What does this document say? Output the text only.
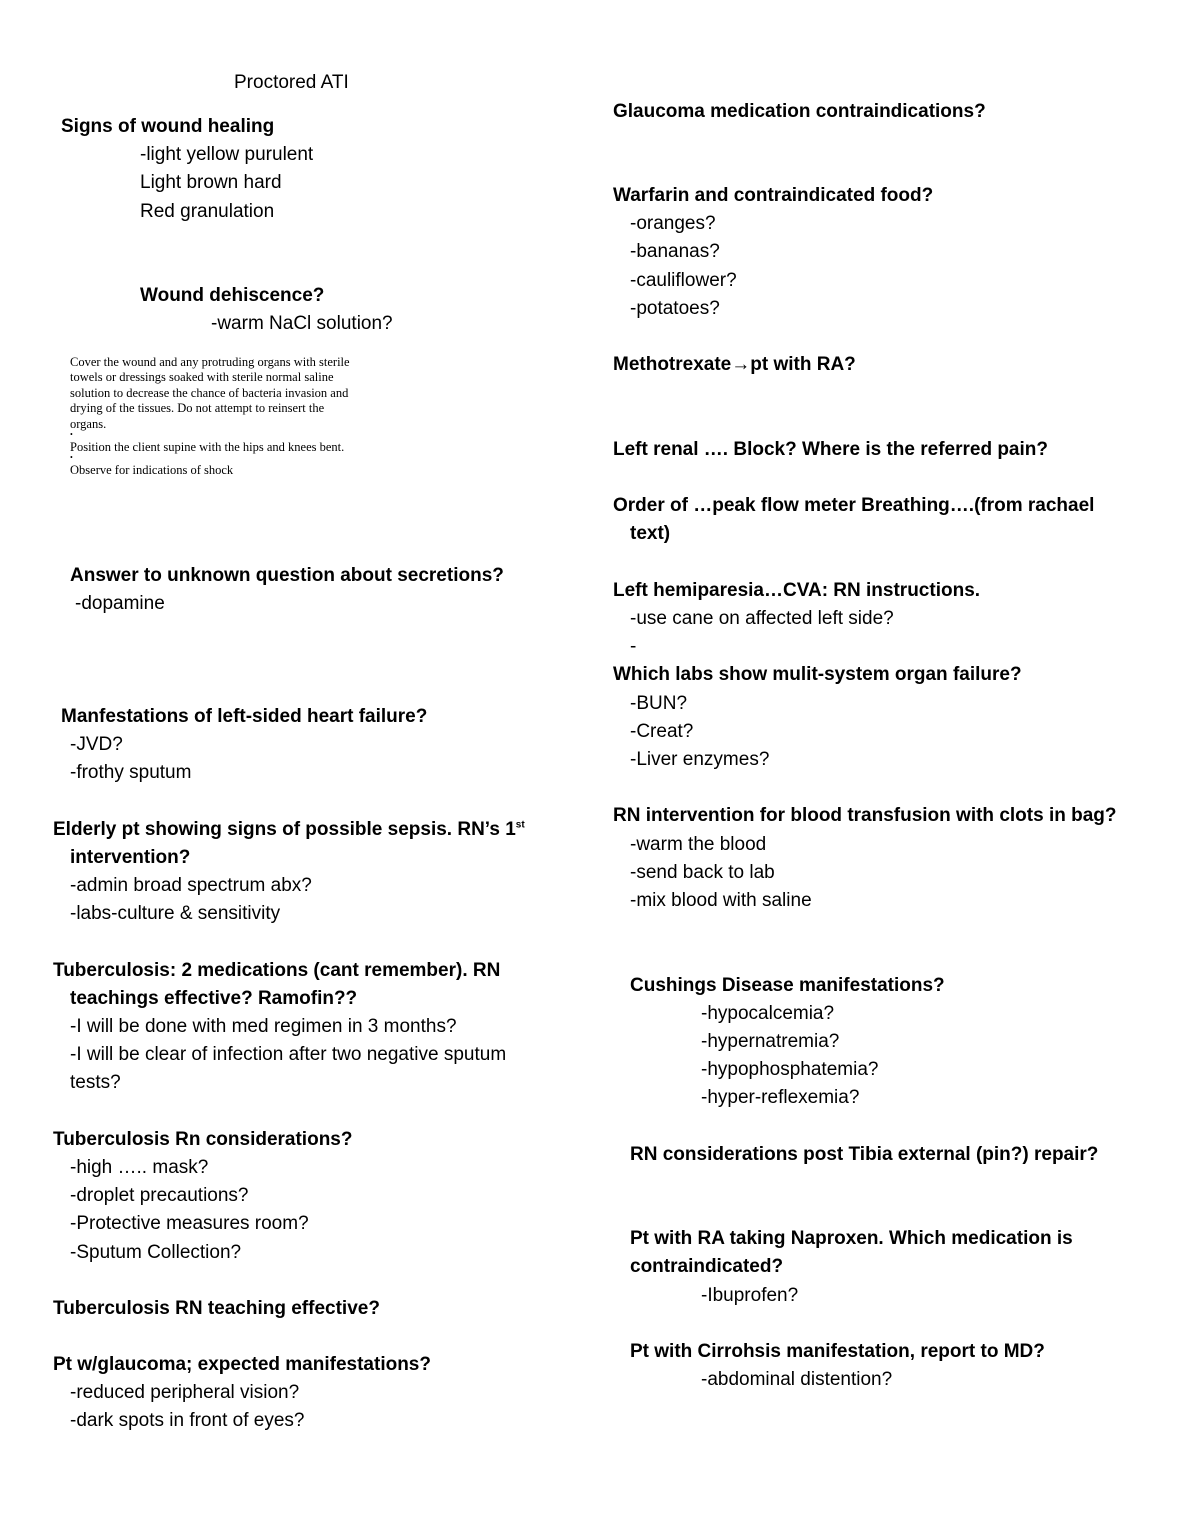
Proctored ATI

Signs of wound healing

-light yellow purulent

Light brown hard

Red granulation

Wound dehiscence?

-warm NaCl solution?

Cover the wound and any protruding organs with sterile

towels or dressings soaked with sterile normal saline

solution to decrease the chance of bacteria invasion and

drying of the tissues. Do not attempt to reinsert the

organs.

•

Position the client supine with the hips and knees bent.

•

Observe for indications of shock

Answer to unknown question about secretions?

-dopamine

Manfestations of left-sided heart failure?

-JVD?

-frothy sputum

Elderly pt showing signs of possible sepsis. RN’s 1st

intervention?

-admin broad spectrum abx?

-labs-culture & sensitivity

Tuberculosis: 2 medications (cant remember). RN

teachings effective? Ramofin??

-I will be done with med regimen in 3 months?

-I will be clear of infection after two negative sputum

tests?

Tuberculosis Rn considerations?

-high ….. mask?

-droplet precautions?

-Protective measures room?

-Sputum Collection?

Tuberculosis RN teaching effective?

Pt w/glaucoma; expected manifestations?

-reduced peripheral vision?

-dark spots in front of eyes?

Glaucoma medication contraindications?

Warfarin and contraindicated food?

-oranges?

-bananas?

-cauliflower?

-potatoes?

Methotrexate→pt with RA?

Left renal …. Block? Where is the referred pain?

Order of …peak flow meter Breathing….(from rachael

text)

Left hemiparesia…CVA: RN instructions.

-use cane on affected left side?

-

Which labs show mulit-system organ failure?

-BUN?

-Creat?

-Liver enzymes?

RN intervention for blood transfusion with clots in bag?

-warm the blood

-send back to lab

-mix blood with saline

Cushings Disease manifestations?

-hypocalcemia?

-hypernatremia?

-hypophosphatemia?

-hyper-reflexemia?

RN considerations post Tibia external (pin?) repair?

Pt with RA taking Naproxen. Which medication is

contraindicated?

-Ibuprofen?

Pt with Cirrohsis manifestation, report to MD?

-abdominal distention?
